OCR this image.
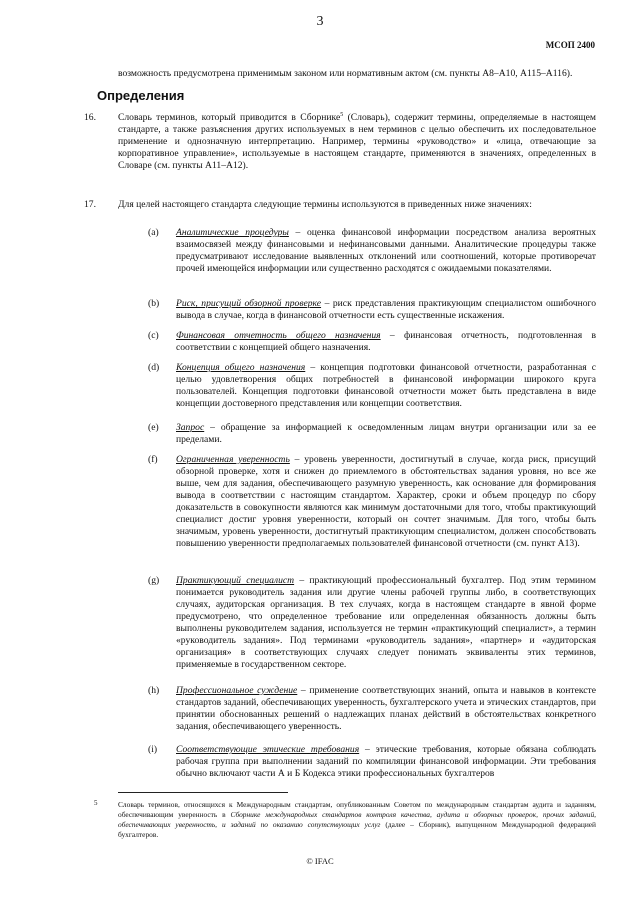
3
МСОП 2400

возможность предусмотрена применимым законом или нормативным актом (см. пункты А8–А10, А115–А116).

Определения
16. Словарь терминов, который приводится в Сборнике$^5$ (Словарь), содержит термины, определяемые в настоящем стандарте, а также разъяснения других используемых в нем терминов с целью обеспечить их последовательное применение и однозначную интерпретацию. Например, термины «руководство» и «лица, отвечающие за корпоративное управление», используемые в настоящем стандарте, применяются в значениях, определенных в Словаре (см. пункты А11–А12).
17. Для целей настоящего стандарта следующие термины используются в приведенных ниже значениях:
(a) Аналитические процедуры – оценка финансовой информации посредством анализа вероятных взаимосвязей между финансовыми и нефинансовыми данными. Аналитические процедуры также предусматривают исследование выявленных отклонений или соотношений, которые противоречат прочей имеющейся информации или существенно расходятся с ожидаемыми показателями.
(b) Риск, присущий обзорной проверке – риск представления практикующим специалистом ошибочного вывода в случае, когда в финансовой отчетности есть существенные искажения.
(c) Финансовая отчетность общего назначения – финансовая отчетность, подготовленная в соответствии с концепцией общего назначения.
(d) Концепция общего назначения – концепция подготовки финансовой отчетности, разработанная с целью удовлетворения общих потребностей в финансовой информации широкого круга пользователей. Концепция подготовки финансовой отчетности может быть представлена в виде концепции достоверного представления или концепции соответствия.
(e) Запрос – обращение за информацией к осведомленным лицам внутри организации или за ее пределами.
(f) Ограниченная уверенность – уровень уверенности, достигнутый в случае, когда риск, присущий обзорной проверке, хотя и снижен до приемлемого в обстоятельствах задания уровня, но все же выше, чем для задания, обеспечивающего разумную уверенность, как основание для формирования вывода в соответствии с настоящим стандартом. Характер, сроки и объем процедур по сбору доказательств в совокупности являются как минимум достаточными для того, чтобы практикующий специалист достиг уровня уверенности, который он сочтет значимым. Для того, чтобы быть значимым, уровень уверенности, достигнутый практикующим специалистом, должен способствовать повышению уверенности предполагаемых пользователей финансовой отчетности (см. пункт А13).
(g) Практикующий специалист – практикующий профессиональный бухгалтер. Под этим термином понимается руководитель задания или другие члены рабочей группы либо, в соответствующих случаях, аудиторская организация. В тех случаях, когда в настоящем стандарте в явной форме предусмотрено, что определенное требование или определенная обязанность должны быть выполнены руководителем задания, используется не термин «практикующий специалист», а термин «руководитель задания». Под терминами «руководитель задания», «партнер» и «аудиторская организация» в соответствующих случаях следует понимать эквиваленты этих терминов, применяемые в государственном секторе.
(h) Профессиональное суждение – применение соответствующих знаний, опыта и навыков в контексте стандартов заданий, обеспечивающих уверенность, бухгалтерского учета и этических стандартов, при принятии обоснованных решений о надлежащих планах действий в обстоятельствах конкретного задания, обеспечивающего уверенность.
(i) Соответствующие этические требования – этические требования, которые обязана соблюдать рабочая группа при выполнении заданий по компиляции финансовой информации. Эти требования обычно включают части А и Б Кодекса этики профессиональных бухгалтеров
5	Словарь терминов, относящихся к Международным стандартам, опубликованным Советом по международным стандартам аудита и заданиям, обеспечивающим уверенность в Сборнике международных стандартов контроля качества, аудита и обзорных проверок, прочих заданий, обеспечивающих уверенность, и заданий по оказанию сопутствующих услуг (далее – Сборник), выпущенном Международной федерацией бухгалтеров.
© IFAC
